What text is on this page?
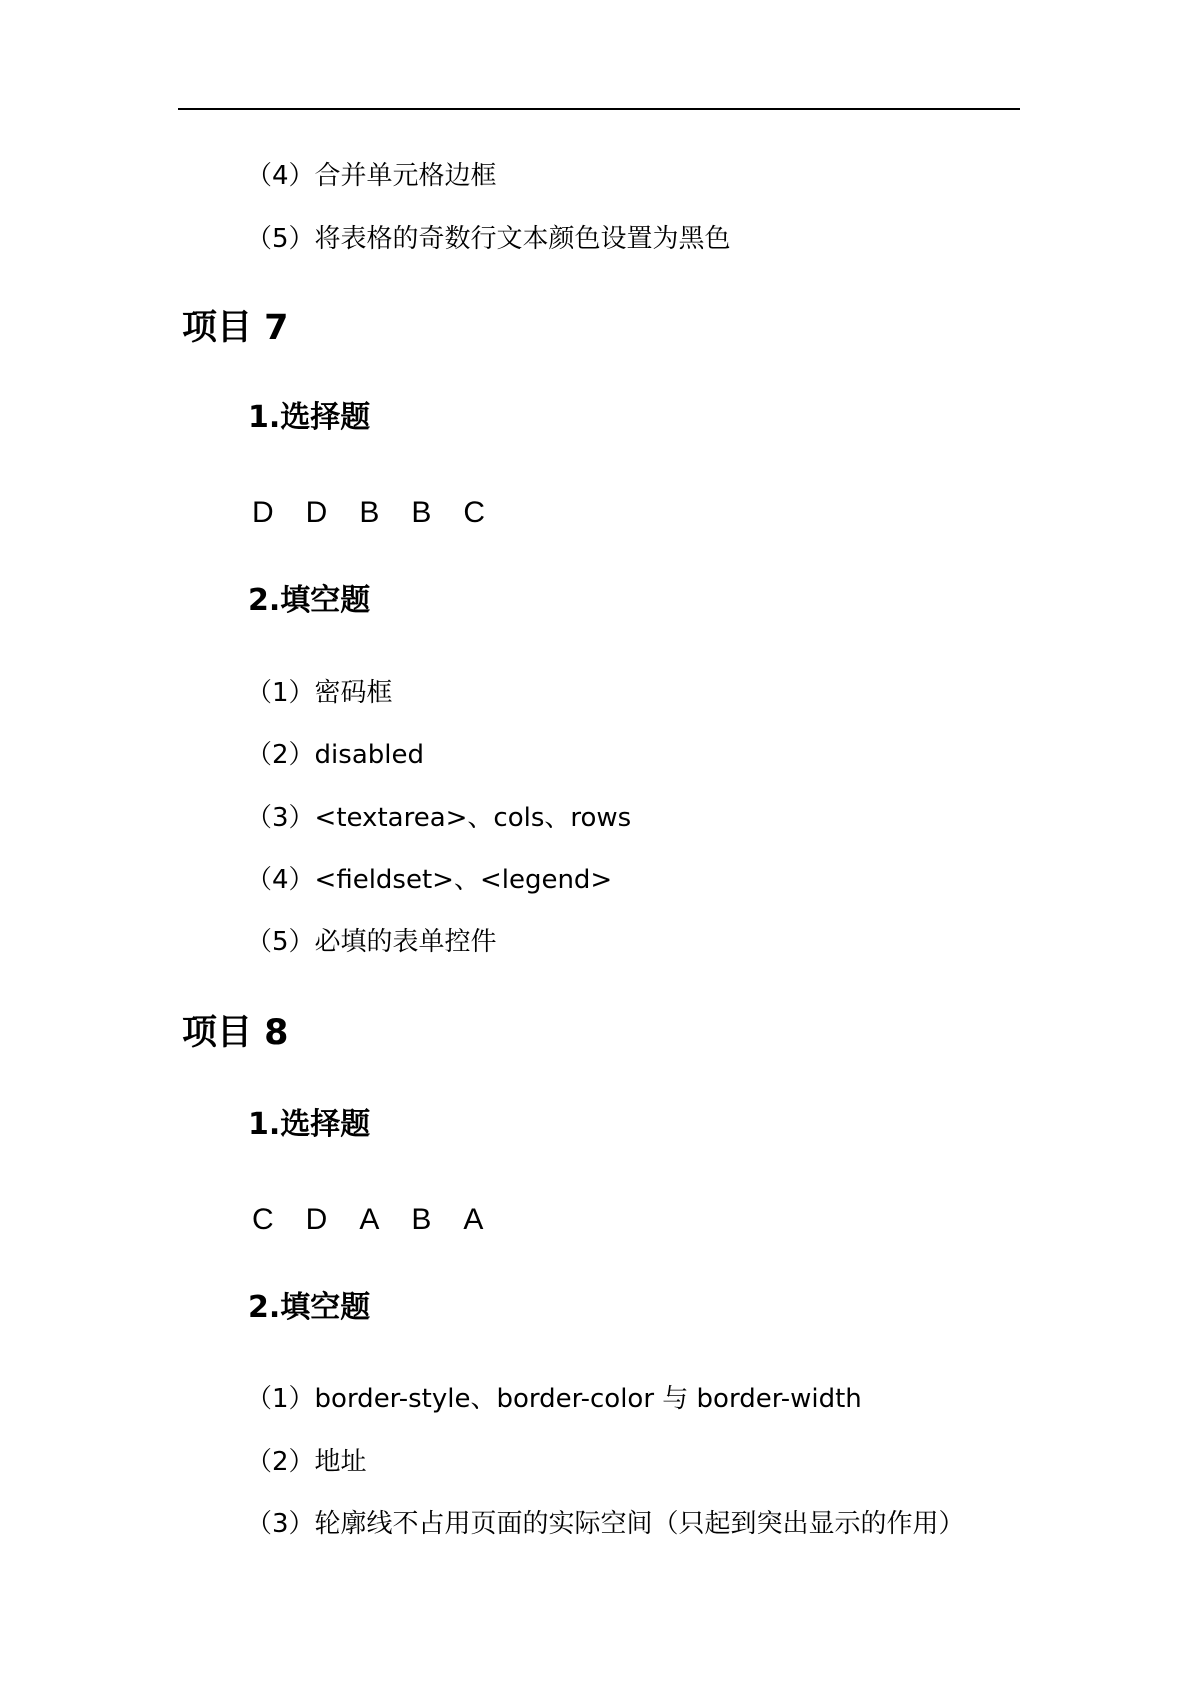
（4）合并单元格边框
（5）将表格的奇数行文本颜色设置为黑色
项目 7
1.选择题
D D B B C
2.填空题
（1）密码框
（2）disabled
（3）<textarea>、cols、rows
（4）<fieldset>、<legend>
（5）必填的表单控件
项目 8
1.选择题
C D A B A
2.填空题
（1）border-style、border-color 与 border-width
（2）地址
（3）轮廓线不占用页面的实际空间（只起到突出显示的作用）
